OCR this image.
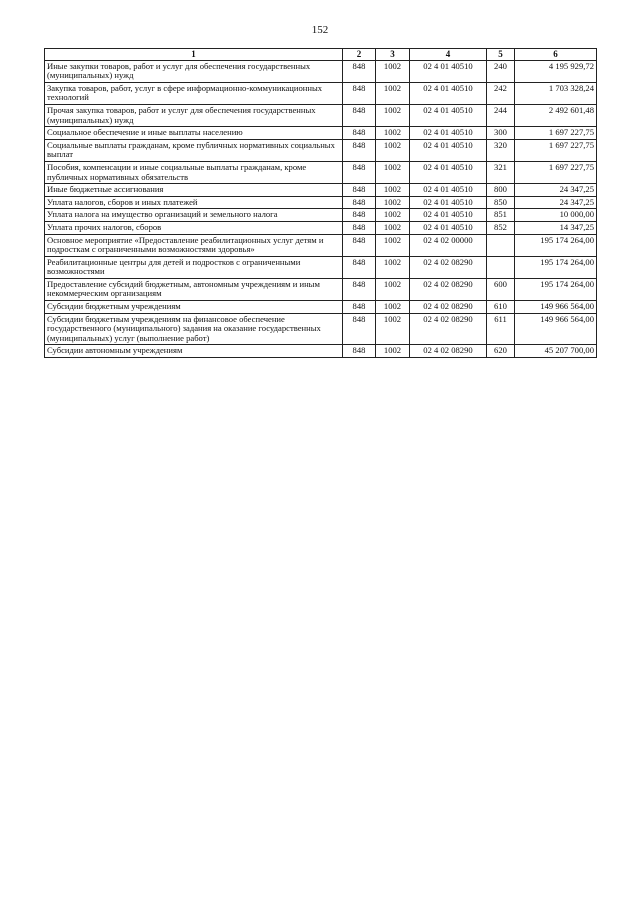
152
1	2	3	4	5	6
Иные закупки товаров, работ и услуг для обеспечения государственных (муниципальных) нужд	848	1002	02 4 01 40510	240	4 195 929,72
Закупка товаров, работ, услуг в сфере информационно-коммуникационных технологий	848	1002	02 4 01 40510	242	1 703 328,24
Прочая закупка товаров, работ и услуг для обеспечения государственных (муниципальных) нужд	848	1002	02 4 01 40510	244	2 492 601,48
Социальное обеспечение и иные выплаты населению	848	1002	02 4 01 40510	300	1 697 227,75
Социальные выплаты гражданам, кроме публичных нормативных социальных выплат	848	1002	02 4 01 40510	320	1 697 227,75
Пособия, компенсации и иные социальные выплаты гражданам, кроме публичных нормативных обязательств	848	1002	02 4 01 40510	321	1 697 227,75
Иные бюджетные ассигнования	848	1002	02 4 01 40510	800	24 347,25
Уплата налогов, сборов и иных платежей	848	1002	02 4 01 40510	850	24 347,25
Уплата налога на имущество организаций и земельного налога	848	1002	02 4 01 40510	851	10 000,00
Уплата прочих налогов, сборов	848	1002	02 4 01 40510	852	14 347,25
Основное мероприятие «Предоставление реабилитационных услуг детям и подросткам с ограниченными возможностями здоровья»	848	1002	02 4 02 00000		195 174 264,00
Реабилитационные центры для детей и подростков с ограниченными возможностями	848	1002	02 4 02 08290		195 174 264,00
Предоставление субсидий бюджетным, автономным учреждениям и иным некоммерческим организациям	848	1002	02 4 02 08290	600	195 174 264,00
Субсидии бюджетным учреждениям	848	1002	02 4 02 08290	610	149 966 564,00
Субсидии бюджетным учреждениям на финансовое обеспечение государственного (муниципального) задания на оказание государственных (муниципальных) услуг (выполнение работ)	848	1002	02 4 02 08290	611	149 966 564,00
Субсидии автономным учреждениям	848	1002	02 4 02 08290	620	45 207 700,00
